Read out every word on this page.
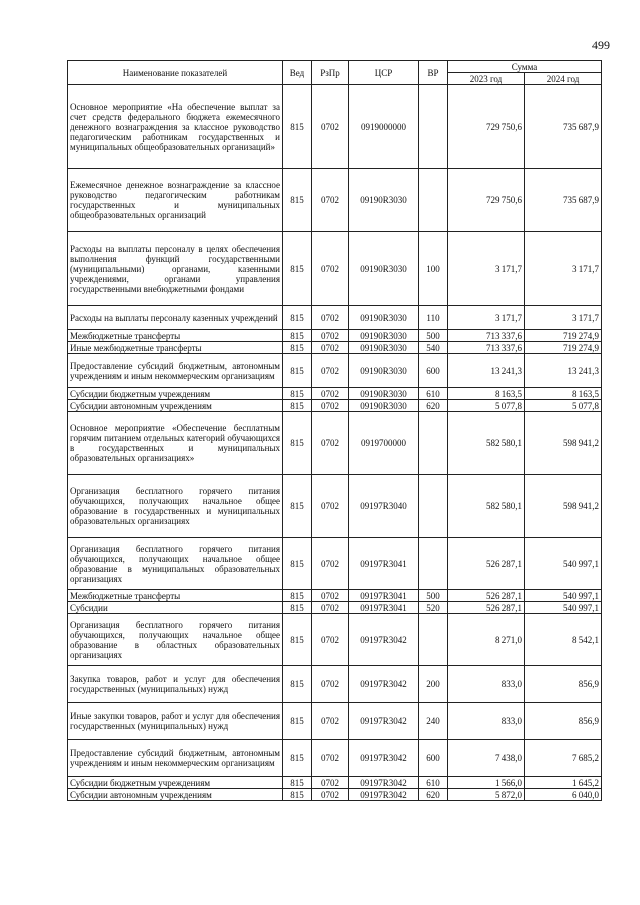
499
Наименование показателей	Вед	РзПр	ЦСР	ВР	Сумма	
					2023 год	2024 год
Основное мероприятие «На обеспечение выплат за счет средств федерального бюджета ежемесячного денежного вознаграждения за классное руководство педагогическим работникам государственных и муниципальных общеобразовательных организаций»	815	0702	0919000000		729 750,6	735 687,9
Ежемесячное денежное вознаграждение за классное руководство педагогическим работникам государственных и муниципальных общеобразовательных организаций	815	0702	09190R3030		729 750,6	735 687,9
Расходы на выплаты персоналу в целях обеспечения выполнения функций государственными (муниципальными) органами, казенными учреждениями, органами управления государственными внебюджетными фондами	815	0702	09190R3030	100	3 171,7	3 171,7
Расходы на выплаты персоналу казенных учреждений	815	0702	09190R3030	110	3 171,7	3 171,7
Межбюджетные трансферты	815	0702	09190R3030	500	713 337,6	719 274,9
Иные межбюджетные трансферты	815	0702	09190R3030	540	713 337,6	719 274,9
Предоставление субсидий бюджетным, автономным учреждениям и иным некоммерческим организациям	815	0702	09190R3030	600	13 241,3	13 241,3
Субсидии бюджетным учреждениям	815	0702	09190R3030	610	8 163,5	8 163,5
Субсидии автономным учреждениям	815	0702	09190R3030	620	5 077,8	5 077,8
Основное мероприятие «Обеспечение бесплатным горячим питанием отдельных категорий обучающихся в государственных и муниципальных образовательных организациях»	815	0702	0919700000		582 580,1	598 941,2
Организация бесплатного горячего питания обучающихся, получающих начальное общее образование в государственных и муниципальных образовательных организациях	815	0702	09197R3040		582 580,1	598 941,2
Организация бесплатного горячего питания обучающихся, получающих начальное общее образование в муниципальных образовательных организациях	815	0702	09197R3041		526 287,1	540 997,1
Межбюджетные трансферты	815	0702	09197R3041	500	526 287,1	540 997,1
Субсидии	815	0702	09197R3041	520	526 287,1	540 997,1
Организация бесплатного горячего питания обучающихся, получающих начальное общее образование в областных образовательных организациях	815	0702	09197R3042		8 271,0	8 542,1
Закупка товаров, работ и услуг для обеспечения государственных (муниципальных) нужд	815	0702	09197R3042	200	833,0	856,9
Иные закупки товаров, работ и услуг для обеспечения государственных (муниципальных) нужд	815	0702	09197R3042	240	833,0	856,9
Предоставление субсидий бюджетным, автономным учреждениям и иным некоммерческим организациям	815	0702	09197R3042	600	7 438,0	7 685,2
Субсидии бюджетным учреждениям	815	0702	09197R3042	610	1 566,0	1 645,2
Субсидии автономным учреждениям	815	0702	09197R3042	620	5 872,0	6 040,0
